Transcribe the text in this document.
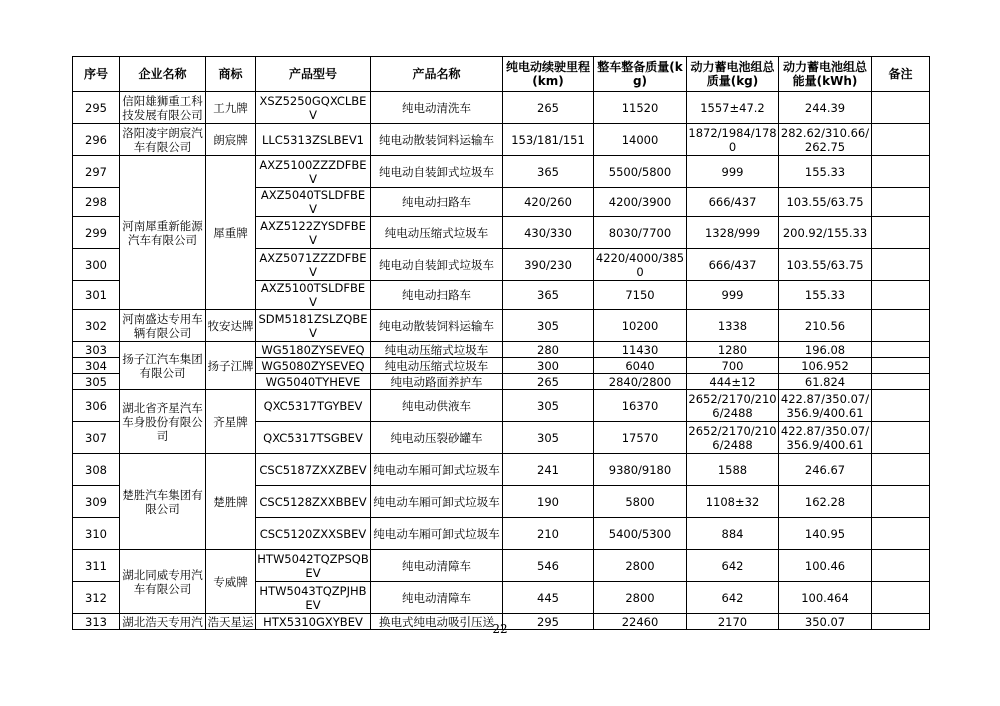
序号	企业名称	商标	产品型号	产品名称	纯电动续驶里程(km)	整车整备质量(kg)	动力蓄电池组总质量(kg)	动力蓄电池组总能量(kWh)	备注
295	信阳雄狮重工科技发展有限公司	工九牌	XSZ5250GQXCLBEV	纯电动清洗车	265	11520	1557±47.2	244.39	
296	洛阳凌宇朗宸汽车有限公司	朗宸牌	LLC5313ZSLBEV1	纯电动散装饲料运输车	153/181/151	14000	1872/1984/1780	282.62/310.66/262.75	
297	河南犀重新能源汽车有限公司	犀重牌	AXZ5100ZZZDFBEV	纯电动自装卸式垃圾车	365	5500/5800	999	155.33	
298			AXZ5040TSLDFBEV	纯电动扫路车	420/260	4200/3900	666/437	103.55/63.75	
299			AXZ5122ZYSDFBEV	纯电动压缩式垃圾车	430/330	8030/7700	1328/999	200.92/155.33	
300			AXZ5071ZZZDFBEV	纯电动自装卸式垃圾车	390/230	4220/4000/3850	666/437	103.55/63.75	
301			AXZ5100TSLDFBEV	纯电动扫路车	365	7150	999	155.33	
302	河南盛达专用车辆有限公司	牧安达牌	SDM5181ZSLZQBEV	纯电动散装饲料运输车	305	10200	1338	210.56	
303	扬子江汽车集团有限公司	扬子江牌	WG5180ZYSEVEQ	纯电动压缩式垃圾车	280	11430	1280	196.08	
304			WG5080ZYSEVEQ	纯电动压缩式垃圾车	300	6040	700	106.952	
305			WG5040TYHEVE	纯电动路面养护车	265	2840/2800	444±12	61.824	
306	湖北省齐星汽车车身股份有限公司	齐星牌	QXC5317TGYBEV	纯电动供液车	305	16370	2652/2170/2106/2488	422.87/350.07/356.9/400.61	
307			QXC5317TSGBEV	纯电动压裂砂罐车	305	17570	2652/2170/2106/2488	422.87/350.07/356.9/400.61	
308	楚胜汽车集团有限公司	楚胜牌	CSC5187ZXXZBEV	纯电动车厢可卸式垃圾车	241	9380/9180	1588	246.67	
309			CSC5128ZXXBBEV	纯电动车厢可卸式垃圾车	190	5800	1108±32	162.28	
310			CSC5120ZXXSBEV	纯电动车厢可卸式垃圾车	210	5400/5300	884	140.95	
311	湖北同威专用汽车有限公司	专威牌	HTW5042TQZPSQBEV	纯电动清障车	546	2800	642	100.46	
312			HTW5043TQZPJHBEV	纯电动清障车	445	2800	642	100.464	
313	湖北浩天专用汽	浩天星运	HTX5310GXYBEV	换电式纯电动吸引压送	295	22460	2170	350.07	
22
